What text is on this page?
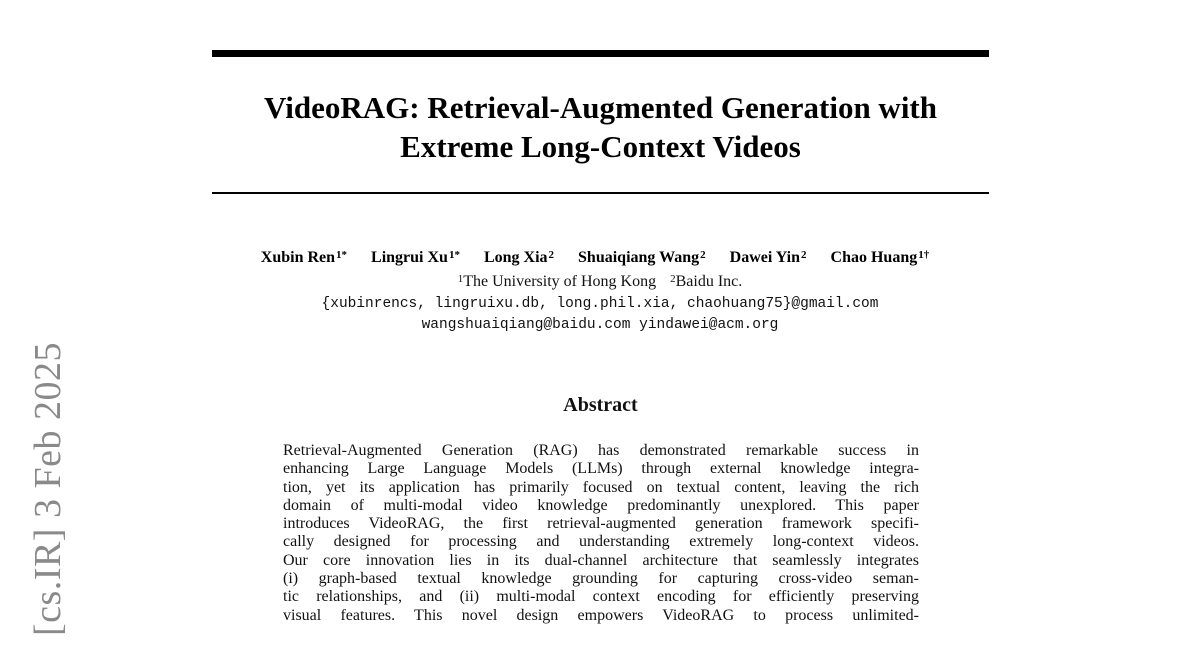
[cs.IR] 3 Feb 2025
VideoRAG: Retrieval-Augmented Generation with
Extreme Long-Context Videos
Xubin Ren$^{1*}$ Lingrui $Xu^{1*}$ Long Xia$^2$ Shuaiqiang Wang$^2$ Dawei Yin$^2$ Chao Huang$^{1\dagger}$
$^1$The University of Hong Kong $^2$Baidu Inc.
{xubinrencs, lingruixu.db, long.phil.xia, chaohuang75}@gmail.com
wangshuaiqiang@baidu.com yindawei@acm.org
Abstract
Retrieval-Augmented Generation (RAG) has demonstrated remarkable success in
enhancing Large Language Models (LLMs) through external knowledge integra-
tion, yet its application has primarily focused on textual content, leaving the rich
domain of multi-modal video knowledge predominantly unexplored. This paper
introduces VideoRAG, the first retrieval-augmented generation framework specifi-
cally designed for processing and understanding extremely long-context videos.
Our core innovation lies in its dual-channel architecture that seamlessly integrates
(i) graph-based textual knowledge grounding for capturing cross-video seman-
tic relationships, and (ii) multi-modal context encoding for efficiently preserving
visual features. This novel design empowers VideoRAG to process unlimited-
